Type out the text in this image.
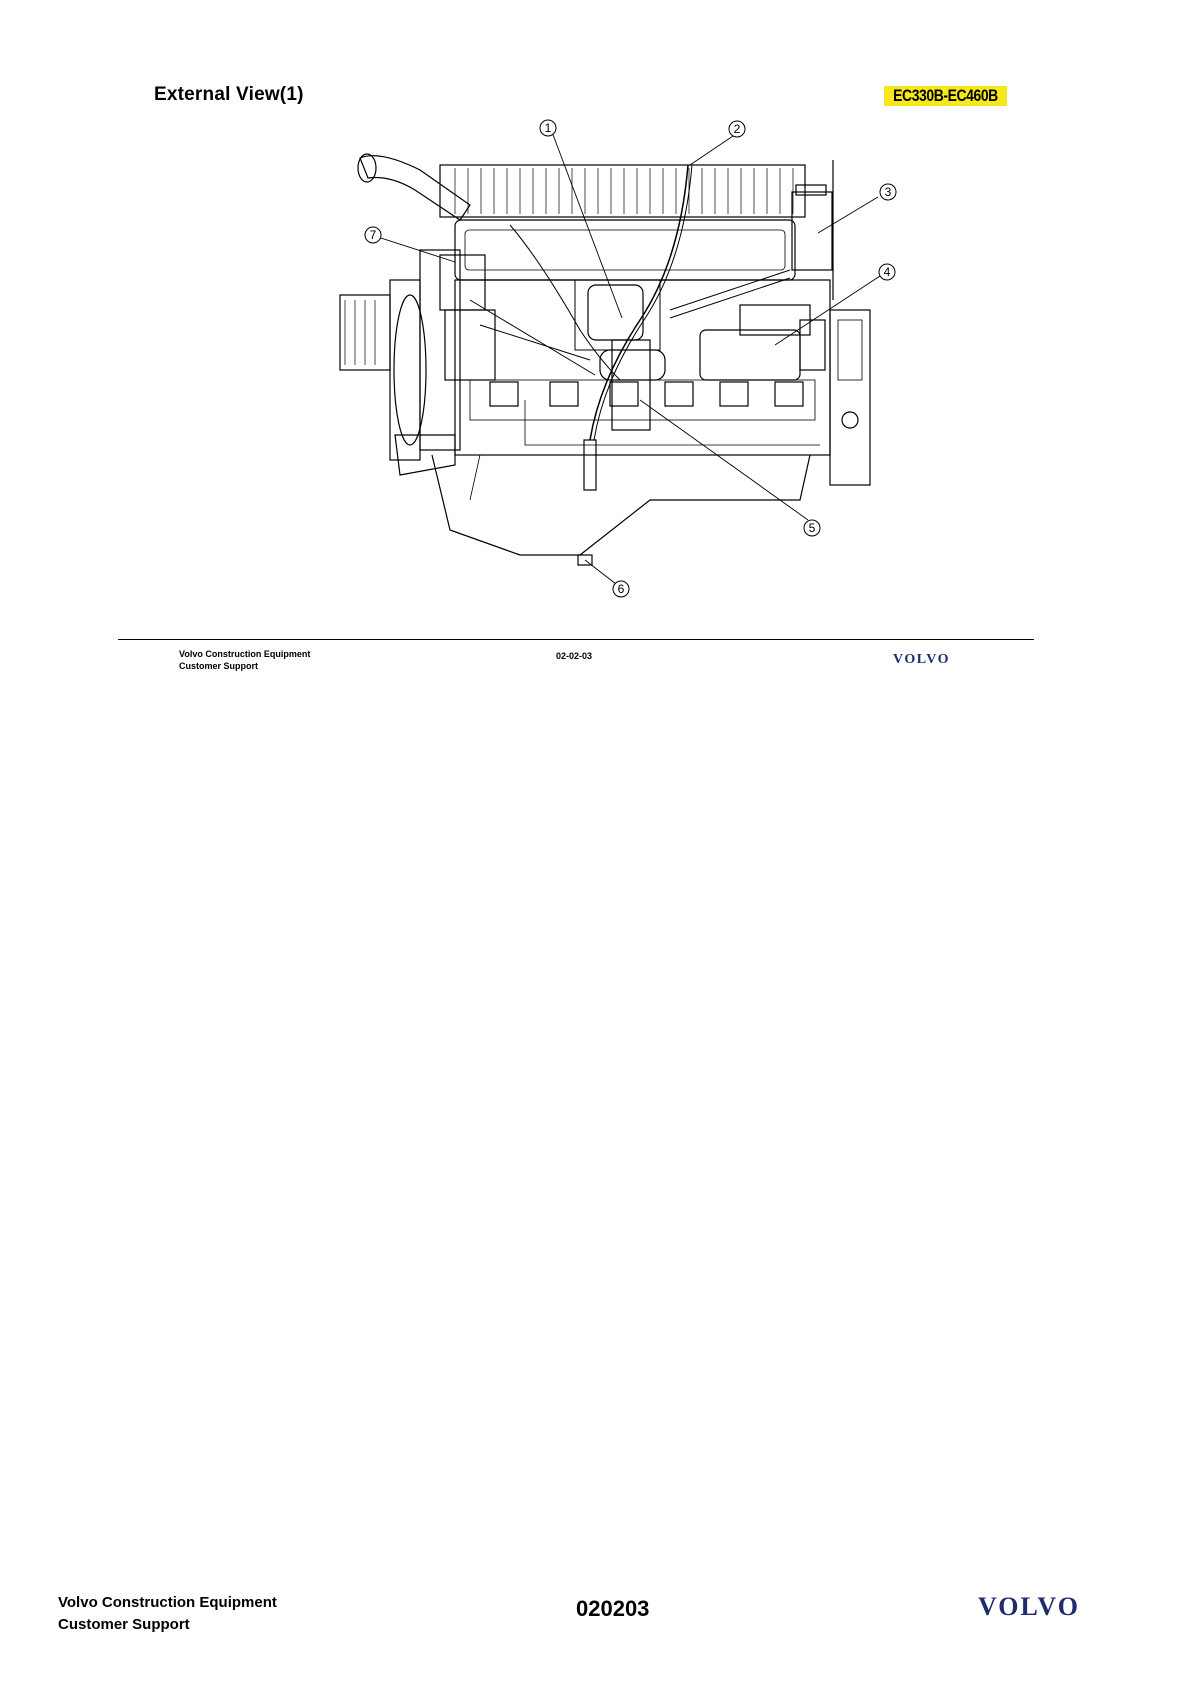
External View(1)	EC330B-EC460B
1	2
3
4
5
6
7
Volvo Construction Equipment
Customer Support
02-02-03	VOLVO
Volvo Construction Equipment
Customer Support
020203	VOLVO
